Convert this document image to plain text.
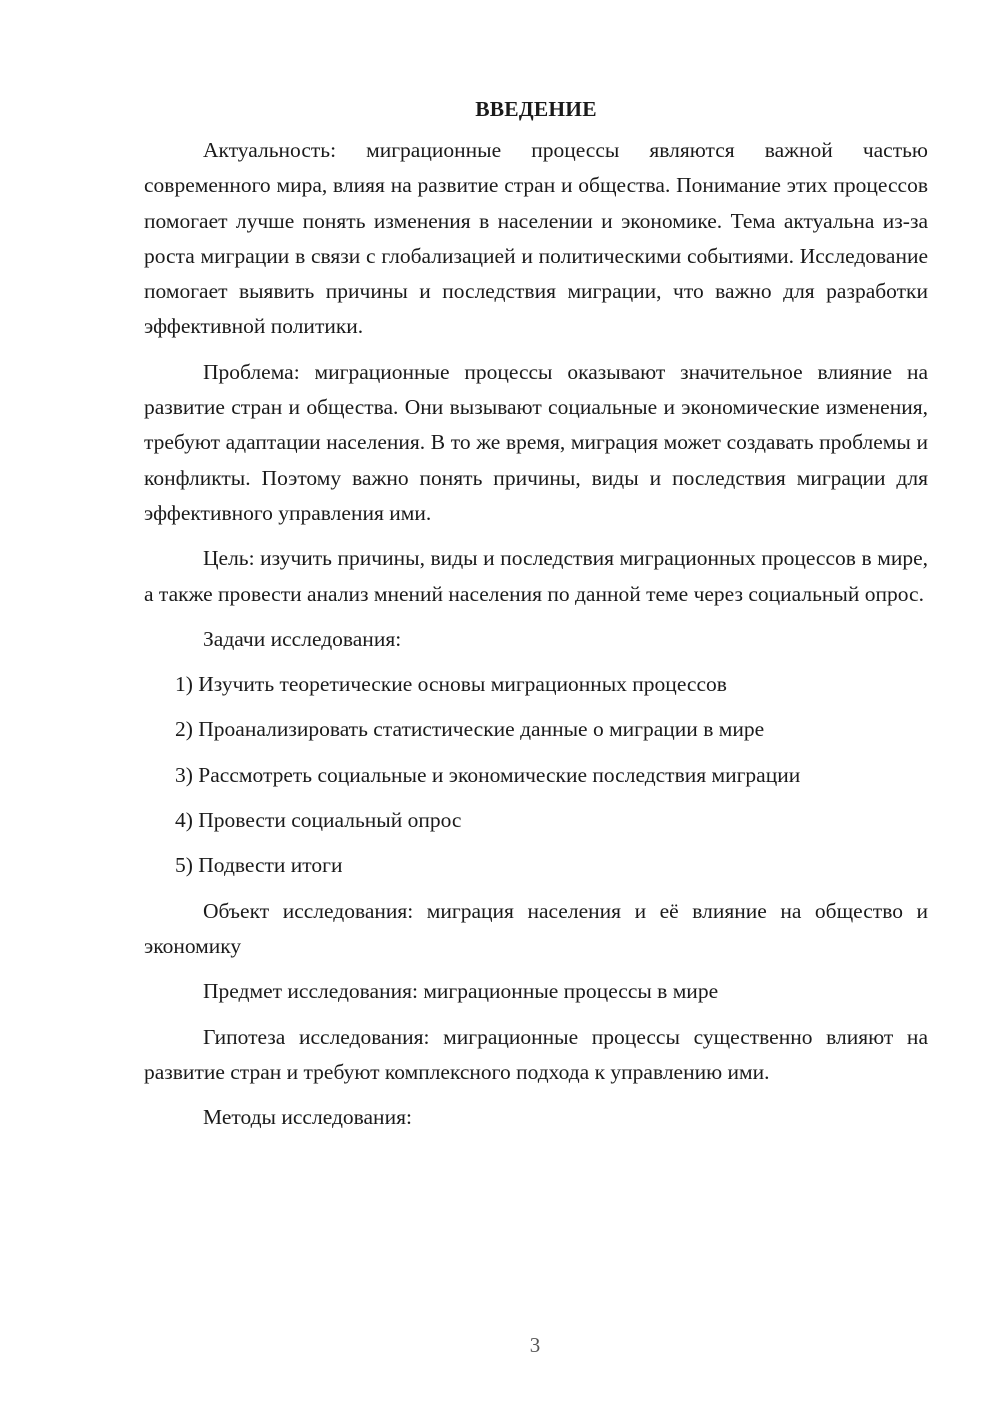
ВВЕДЕНИЕ

Актуальность: миграционные процессы являются важной частью современного мира, влияя на развитие стран и общества. Понимание этих процессов помогает лучше понять изменения в населении и экономике. Тема актуальна из-за роста миграции в связи с глобализацией и политическими событиями. Исследование помогает выявить причины и последствия миграции, что важно для разработки эффективной политики.

Проблема: миграционные процессы оказывают значительное влияние на развитие стран и общества. Они вызывают социальные и экономические изменения, требуют адаптации населения. В то же время, миграция может создавать проблемы и конфликты. Поэтому важно понять причины, виды и последствия миграции для эффективного управления ими.

Цель: изучить причины, виды и последствия миграционных процессов в мире, а также провести анализ мнений населения по данной теме через социальный опрос.

Задачи исследования:

1) Изучить теоретические основы миграционных процессов
2) Проанализировать статистические данные о миграции в мире
3) Рассмотреть социальные и экономические последствия миграции
4) Провести социальный опрос
5) Подвести итоги

Объект исследования: миграция населения и её влияние на общество и экономику

Предмет исследования: миграционные процессы в мире

Гипотеза исследования: миграционные процессы существенно влияют на развитие стран и требуют комплексного подхода к управлению ими.

Методы исследования:

3
